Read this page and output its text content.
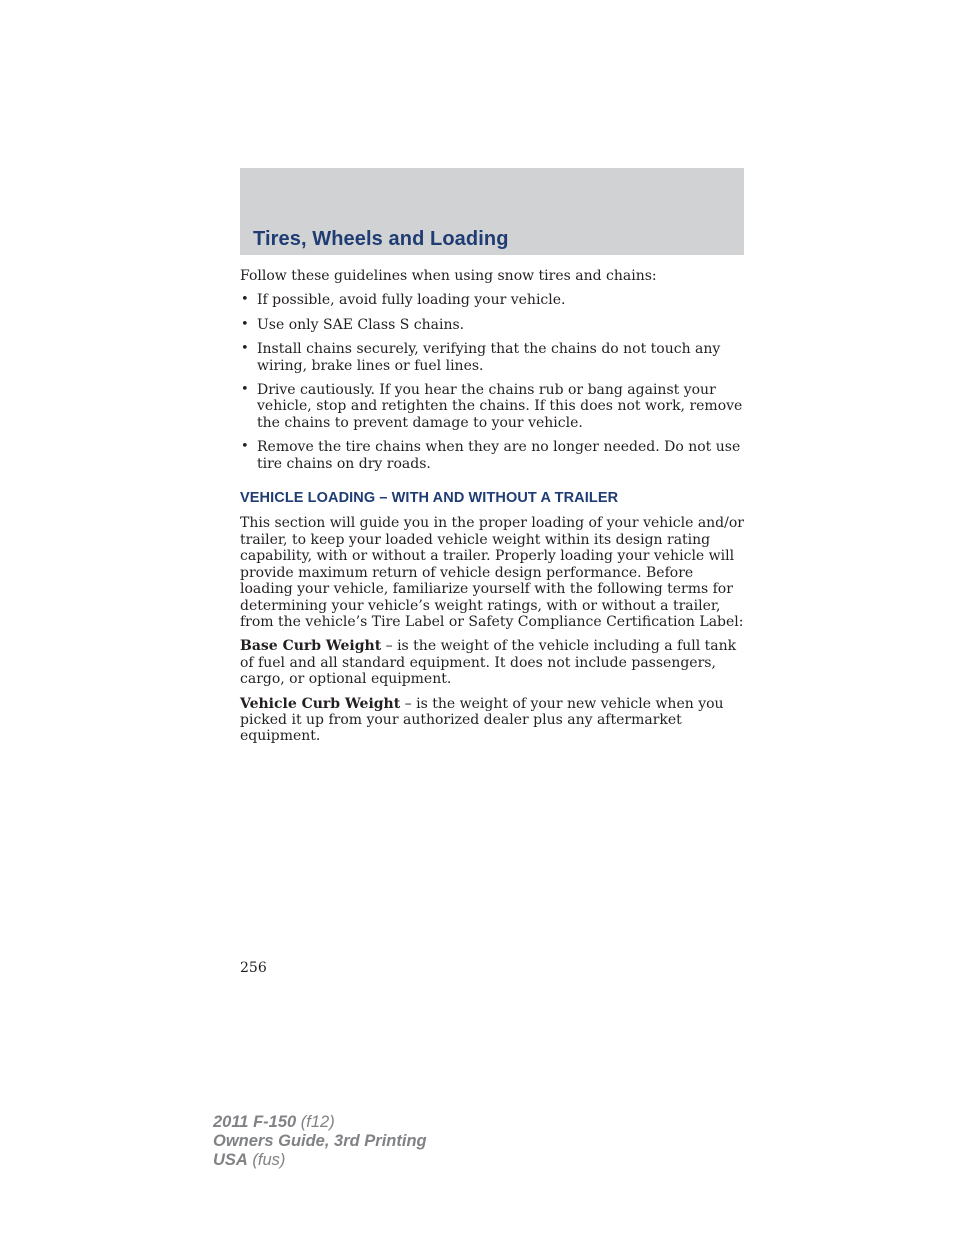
Tires, Wheels and Loading

Follow these guidelines when using snow tires and chains:

• If possible, avoid fully loading your vehicle.
• Use only SAE Class S chains.
• Install chains securely, verifying that the chains do not touch any wiring, brake lines or fuel lines.
• Drive cautiously. If you hear the chains rub or bang against your vehicle, stop and retighten the chains. If this does not work, remove the chains to prevent damage to your vehicle.
• Remove the tire chains when they are no longer needed. Do not use tire chains on dry roads.
VEHICLE LOADING – WITH AND WITHOUT A TRAILER

This section will guide you in the proper loading of your vehicle and/or trailer, to keep your loaded vehicle weight within its design rating capability, with or without a trailer. Properly loading your vehicle will provide maximum return of vehicle design performance. Before loading your vehicle, familiarize yourself with the following terms for determining your vehicle’s weight ratings, with or without a trailer, from the vehicle’s Tire Label or Safety Compliance Certification Label:

Base Curb Weight – is the weight of the vehicle including a full tank of fuel and all standard equipment. It does not include passengers, cargo, or optional equipment.

Vehicle Curb Weight – is the weight of your new vehicle when you picked it up from your authorized dealer plus any aftermarket equipment.

256
2011 F-150 (f12)
Owners Guide, 3rd Printing
USA (fus)
